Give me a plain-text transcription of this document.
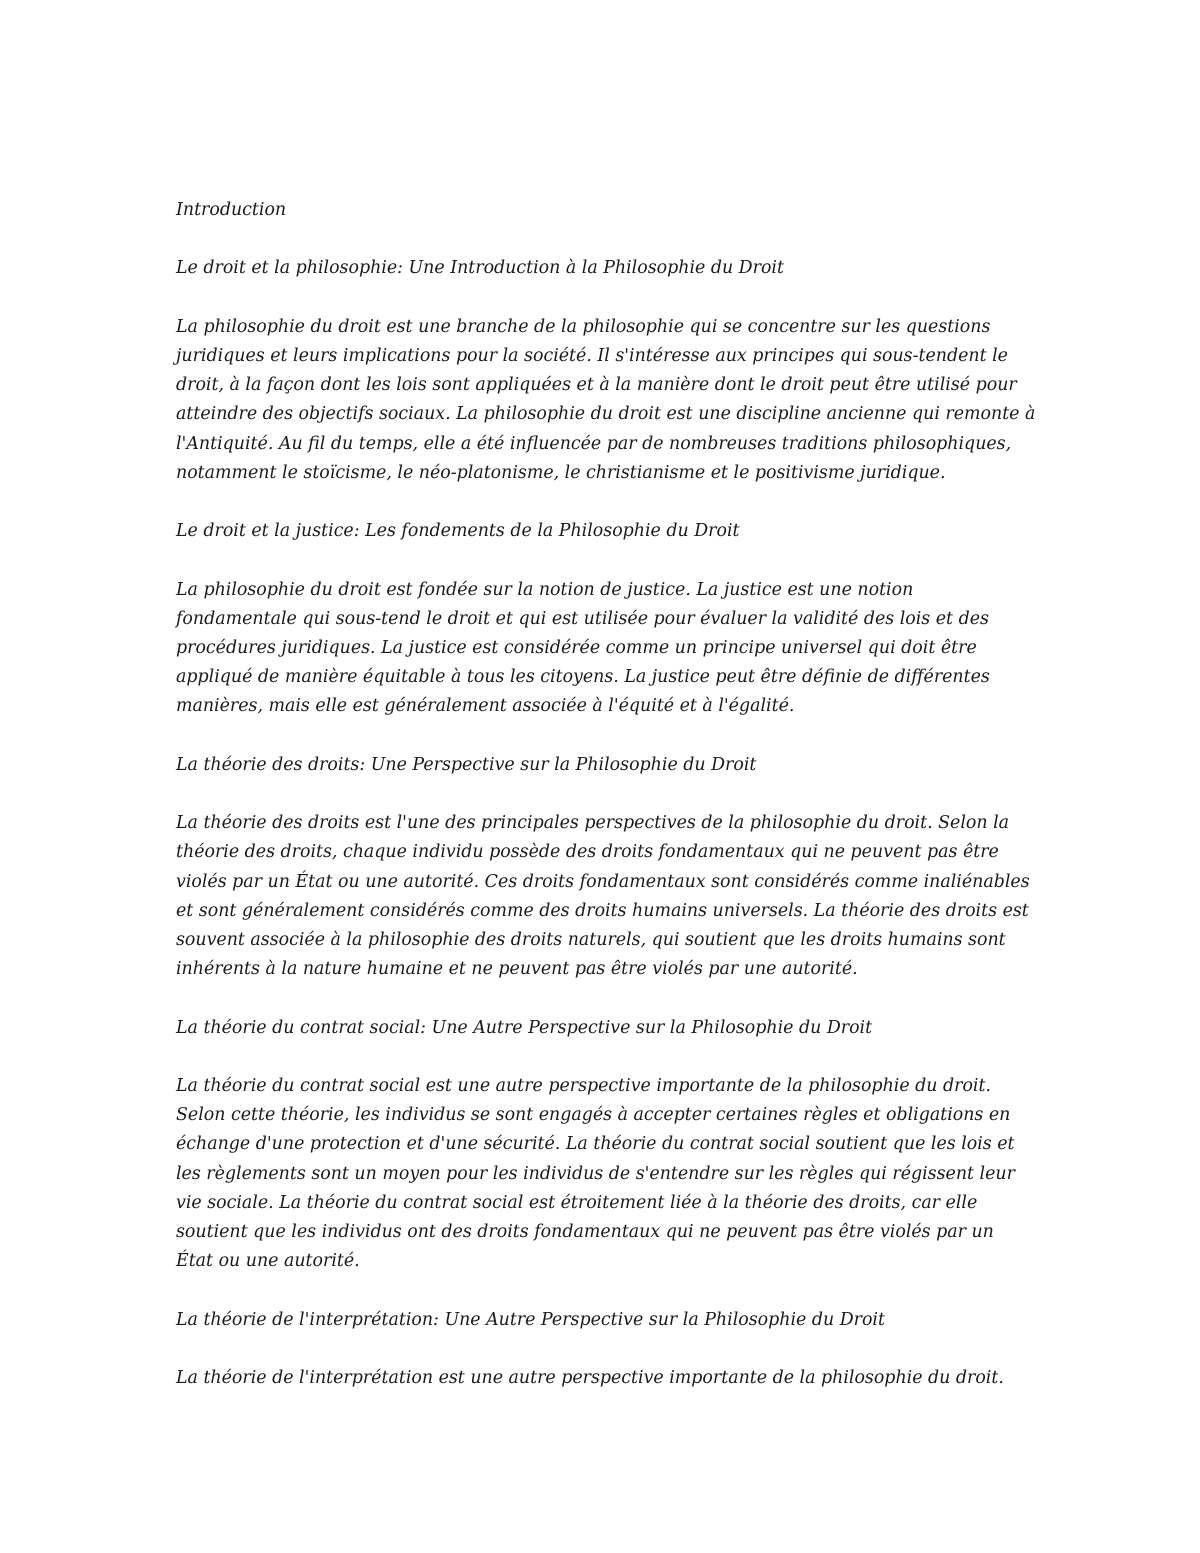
Introduction

Le droit et la philosophie: Une Introduction à la Philosophie du Droit

La philosophie du droit est une branche de la philosophie qui se concentre sur les questions juridiques et leurs implications pour la société. Il s'intéresse aux principes qui sous-tendent le droit, à la façon dont les lois sont appliquées et à la manière dont le droit peut être utilisé pour atteindre des objectifs sociaux. La philosophie du droit est une discipline ancienne qui remonte à l'Antiquité. Au fil du temps, elle a été influencée par de nombreuses traditions philosophiques, notamment le stoïcisme, le néo-platonisme, le christianisme et le positivisme juridique.

Le droit et la justice: Les fondements de la Philosophie du Droit

La philosophie du droit est fondée sur la notion de justice. La justice est une notion fondamentale qui sous-tend le droit et qui est utilisée pour évaluer la validité des lois et des procédures juridiques. La justice est considérée comme un principe universel qui doit être appliqué de manière équitable à tous les citoyens. La justice peut être définie de différentes manières, mais elle est généralement associée à l'équité et à l'égalité.

La théorie des droits: Une Perspective sur la Philosophie du Droit

La théorie des droits est l'une des principales perspectives de la philosophie du droit. Selon la théorie des droits, chaque individu possède des droits fondamentaux qui ne peuvent pas être violés par un État ou une autorité. Ces droits fondamentaux sont considérés comme inaliénables et sont généralement considérés comme des droits humains universels. La théorie des droits est souvent associée à la philosophie des droits naturels, qui soutient que les droits humains sont inhérents à la nature humaine et ne peuvent pas être violés par une autorité.

La théorie du contrat social: Une Autre Perspective sur la Philosophie du Droit

La théorie du contrat social est une autre perspective importante de la philosophie du droit. Selon cette théorie, les individus se sont engagés à accepter certaines règles et obligations en échange d'une protection et d'une sécurité. La théorie du contrat social soutient que les lois et les règlements sont un moyen pour les individus de s'entendre sur les règles qui régissent leur vie sociale. La théorie du contrat social est étroitement liée à la théorie des droits, car elle soutient que les individus ont des droits fondamentaux qui ne peuvent pas être violés par un État ou une autorité.

La théorie de l'interprétation: Une Autre Perspective sur la Philosophie du Droit

La théorie de l'interprétation est une autre perspective importante de la philosophie du droit.
